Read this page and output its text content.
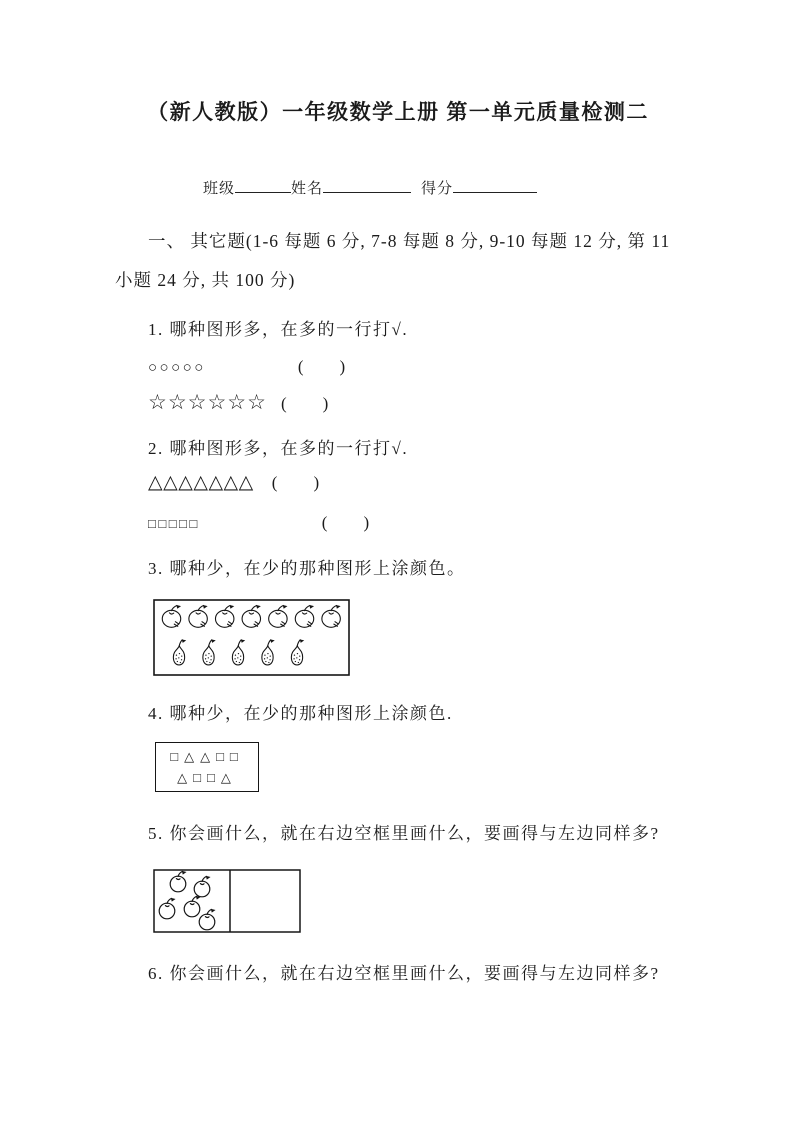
（新人教版）一年级数学上册 第一单元质量检测二
班级	姓名	得分
一、 其它题(1-6 每题 6 分, 7-8 每题 8 分, 9-10 每题 12 分, 第 11
小题 24 分, 共 100 分)
1. 哪种图形多，在多的一行打√.
○○○○○	( )
☆☆☆☆☆☆ ( )
2. 哪种图形多，在多的一行打√.
△△△△△△△ ( )
□□□□□	( )
3. 哪种少，在少的那种图形上涂颜色。
4. 哪种少，在少的那种图形上涂颜色.
□△△□□
△□□△
5. 你会画什么，就在右边空框里画什么，要画得与左边同样多?
6. 你会画什么，就在右边空框里画什么，要画得与左边同样多?
